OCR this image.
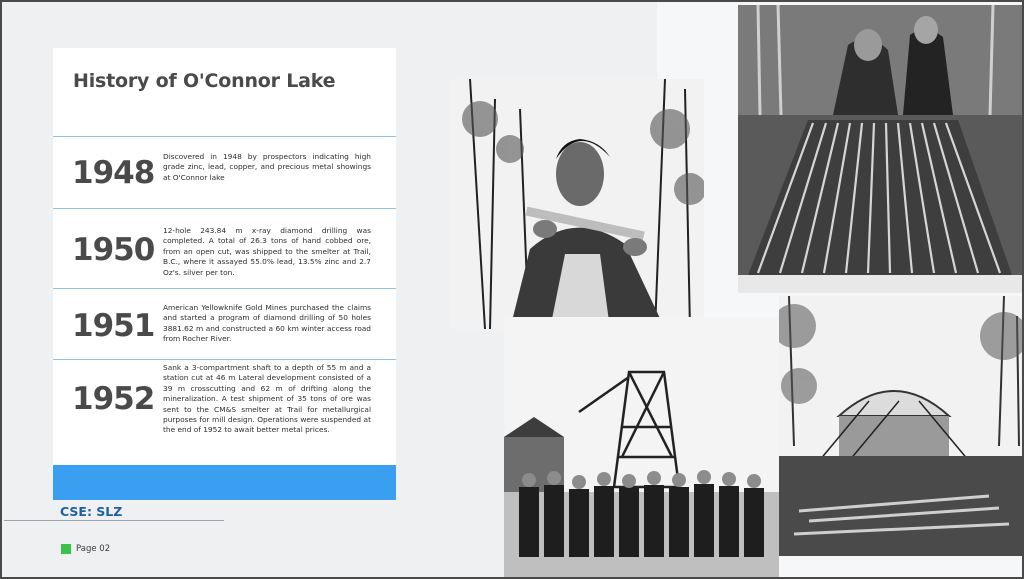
History of O'Connor Lake
1948 Discovered in 1948 by prospectors indicating high grade zinc, lead, copper, and precious metal showings at O'Connor lake
1950
12-hole 243.84 m x-ray diamond drilling was completed. A total of 26.3 tons of hand cobbed ore, from an open cut, was shipped to the smelter at Trail, B.C., where it assayed 55.0% lead, 13.5% zinc and 2.7 Oz's. silver per ton.
1951
American Yellowknife Gold Mines purchased the claims and started a program of diamond drilling of 50 holes 3881.62 m and constructed a 60 km winter access road from Rocher River.
1952
Sank a 3-compartment shaft to a depth of 55 m and a station cut at 46 m Lateral development consisted of a 39 m crosscutting and 62 m of drifting along the mineralization. A test shipment of 35 tons of ore was sent to the CM&S smelter at Trail for metallurgical purposes for mill design. Operations were suspended at the end of 1952 to await better metal prices.
CSE: SLZ
Page 02
